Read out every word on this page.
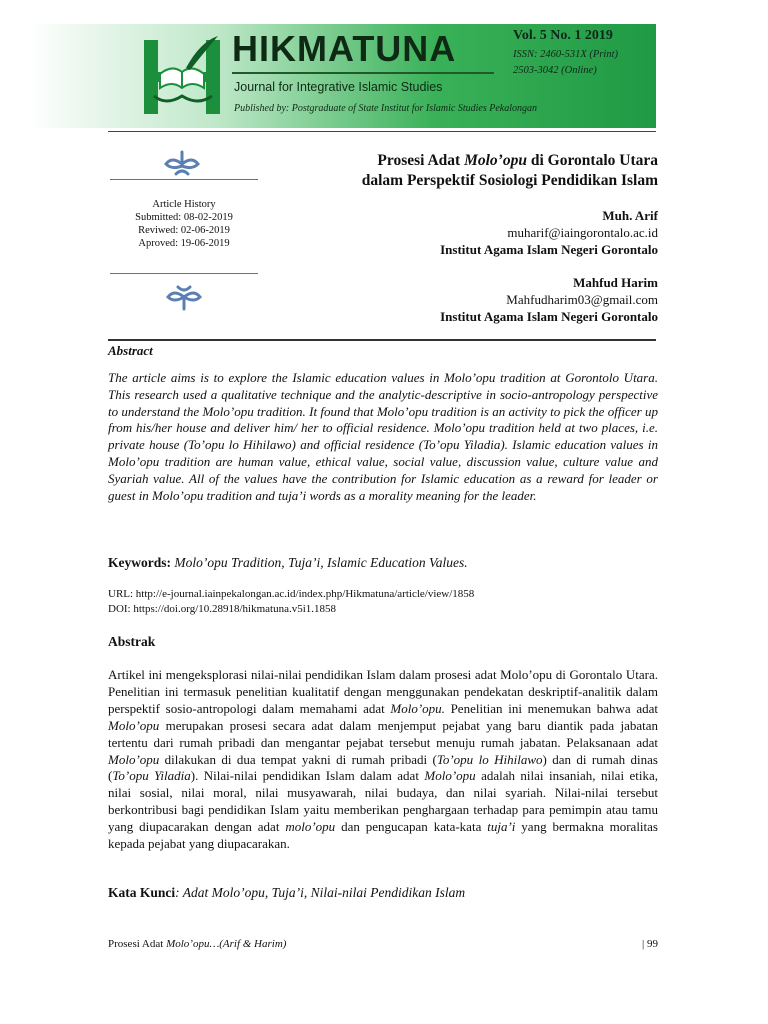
HIKMATUNA
Journal for Integrative Islamic Studies
Published by: Postgraduate of State Institut for Islamic Studies Pekalongan
Vol. 5 No. 1 2019
ISSN: 2460-531X (Print)
2503-3042 (Online)
Article History
Submitted: 08-02-2019
Reviwed: 02-06-2019
Aproved: 19-06-2019
Prosesi Adat Molo’opu di Gorontalo Utara
dalam Perspektif Sosiologi Pendidikan Islam
Muh. Arif
muharif@iaingorontalo.ac.id
Institut Agama Islam Negeri Gorontalo
Mahfud Harim
Mahfudharim03@gmail.com
Institut Agama Islam Negeri Gorontalo
Abstract
The article aims is to explore the Islamic education values in Molo’opu tradition at Gorontolo Utara. This research used a qualitative technique and the analytic-descriptive in socio-antropology perspective to understand the Molo’opu tradition. It found that Molo’opu tradition is an activity to pick the officer up from his/her house and deliver him/ her to official residence. Molo’opu tradition held at two places, i.e. private house (To’opu lo Hihilawo) and official residence (To’opu Yiladia). Islamic education values in Molo’opu tradition are human value, ethical value, social value, discussion value, culture value and Syariah value. All of the values have the contribution for Islamic education as a reward for leader or guest in Molo’opu tradition and tuja’i words as a morality meaning for the leader.
Keywords: Molo’opu Tradition, Tuja’i, Islamic Education Values.
URL: http://e-journal.iainpekalongan.ac.id/index.php/Hikmatuna/article/view/1858
DOI: https://doi.org/10.28918/hikmatuna.v5i1.1858
Abstrak
Artikel ini mengeksplorasi nilai-nilai pendidikan Islam dalam prosesi adat Molo’opu di Gorontalo Utara. Penelitian ini termasuk penelitian kualitatif dengan menggunakan pendekatan deskriptif-analitik dalam perspektif sosio-antropologi dalam memahami adat Molo’opu. Penelitian ini menemukan bahwa adat Molo’opu merupakan prosesi secara adat dalam menjemput pejabat yang baru diantik pada jabatan tertentu dari rumah pribadi dan mengantar pejabat tersebut menuju rumah jabatan. Pelaksanaan adat Molo’opu dilakukan di dua tempat yakni di rumah pribadi (To’opu lo Hihilawo) dan di rumah dinas (To’opu Yiladia). Nilai-nilai pendidikan Islam dalam adat Molo’opu adalah nilai insaniah, nilai etika, nilai sosial, nilai moral, nilai musyawarah, nilai budaya, dan nilai syariah. Nilai-nilai tersebut berkontribusi bagi pendidikan Islam yaitu memberikan penghargaan terhadap para pemimpin atau tamu yang diupacarakan dengan adat molo’opu dan pengucapan kata-kata tuja’i yang bermakna moralitas kepada pejabat yang diupacarakan.
Kata Kunci: Adat Molo’opu, Tuja’i, Nilai-nilai Pendidikan Islam
Prosesi Adat Molo’opu…(Arif & Harim)	| 99
